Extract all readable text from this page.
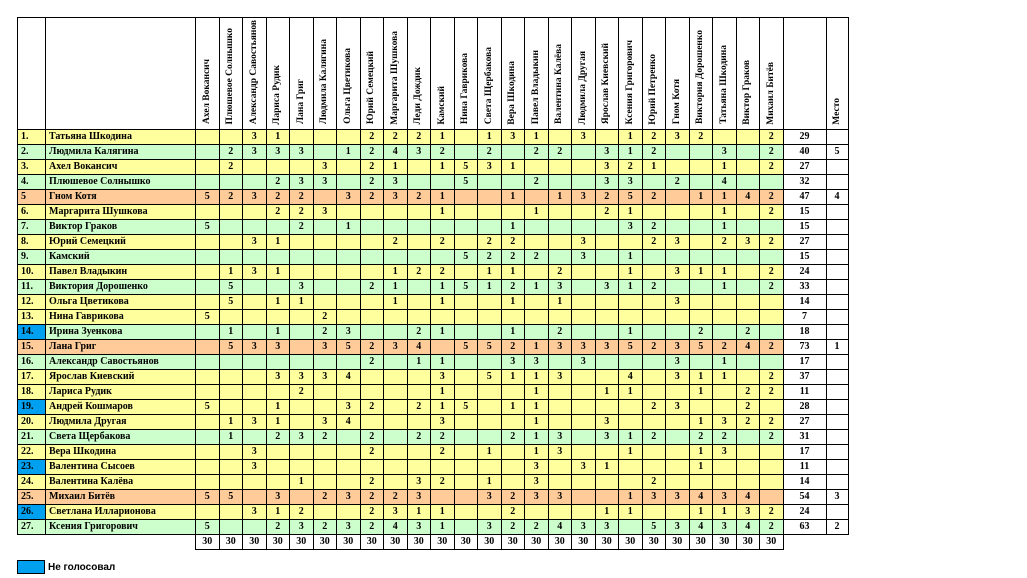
		Ахел Вокансич	Плюшевое Солнышко	Александр Савостьянов	Лариса Рудик	Лана Григ	Людмила Калягина	Ольга Цветикова	Юрий Семецкий	Маргарита Шушкова	Леди Дождик	Камский	Нина Гаврикова	Света Щербакова	Вера Шкодина	Павел Владыкин	Валентина Калёва	Людмила Другая	Ярослав Киевский	Ксения Григорович	Юрий Петренко	Гном Котя	Виктория Дорошенко	Татьяна Шкодина	Виктор Граков	Михаил Битёв		Место
1.	Татьяна Шкодина			3	1				2	2	2	1		1	3	1		3		1	2	3	2			2	29	
2.	Людмила Калягина		2	3	3	3		1	2	4	3	2		2		2	2		3	1	2			3		2	40	5
3.	Ахел Вокансич		2				3		2	1		1	5	3	1				3	2	1			1		2	27	
4.	Плюшевое Солнышко				2	3	3		2	3			5			2			3	3		2		4			32	
5	Гном Котя	5	2	3	2	2		3	2	3	2	1			1		1	3	2	5	2		1	1	4	2	47	4
6.	Маргарита Шушкова				2	2	3					1				1			2	1				1		2	15	
7.	Виктор Граков	5				2		1							1					3	2			1			15	
8.	Юрий Семецкий			3	1					2		2		2	2			3			2	3		2	3	2	27	
9.	Камский												5	2	2	2		3		1							15	
10.	Павел Владыкин		1	3	1					1	2	2		1	1		2			1		3	1	1		2	24	
11.	Виктория Дорошенко		5			3			2	1		1	5	1	2	1	3		3	1	2			1		2	33	
12.	Ольга Цветикова		5		1	1				1		1			1		1					3					14	
13.	Нина Гаврикова	5					2																				7	
14.	Ирина Зуенкова		1		1		2	3			2	1			1		2			1			2		2		18	
15.	Лана Григ		5	3	3		3	5	2	3	4		5	5	2	1	3	3	3	5	2	3	5	2	4	2	73	1
16.	Александр Савостьянов								2		1	1			3	3		3				3		1			17	
17.	Ярослав Киевский				3	3	3	4				3		5	1	1	3			4		3	1	1		2	37	
18.	Лариса Рудик					2						1				1			1	1			1		2	2	11	
19.	Андрей Кошмаров	5			1			3	2		2	1	5		1	1					2	3			2		28	
20.	Людмила Другая		1	3	1		3	4				3				1			3				1	3	2	2	27	
21.	Света Щербакова		1		2	3	2		2		2	2			2	1	3		3	1	2		2	2		2	31	
22.	Вера Шкодина			3					2			2		1		1	3			1			1	3			17	
23.	Валентина Сысоев			3												3		3	1				1				11	
24.	Валентина Калёва					1			2		3	2		1		3					2						14	
25.	Михаил Битёв	5	5		3		2	3	2	2	3			3	2	3	3			1	3	3	4	3	4		54	3
26.	Светлана Илларионова			3	1	2			2	3	1	1			2				1	1			1	1	3	2	24	
27.	Ксения Григорович	5			2	3	2	3	2	4	3	1		3	2	2	4	3	3		5	3	4	3	4	2	63	2
		30	30	30	30	30	30	30	30	30	30	30	30	30	30	30	30	30	30	30	30	30	30	30	30	30		
Не голосовал
